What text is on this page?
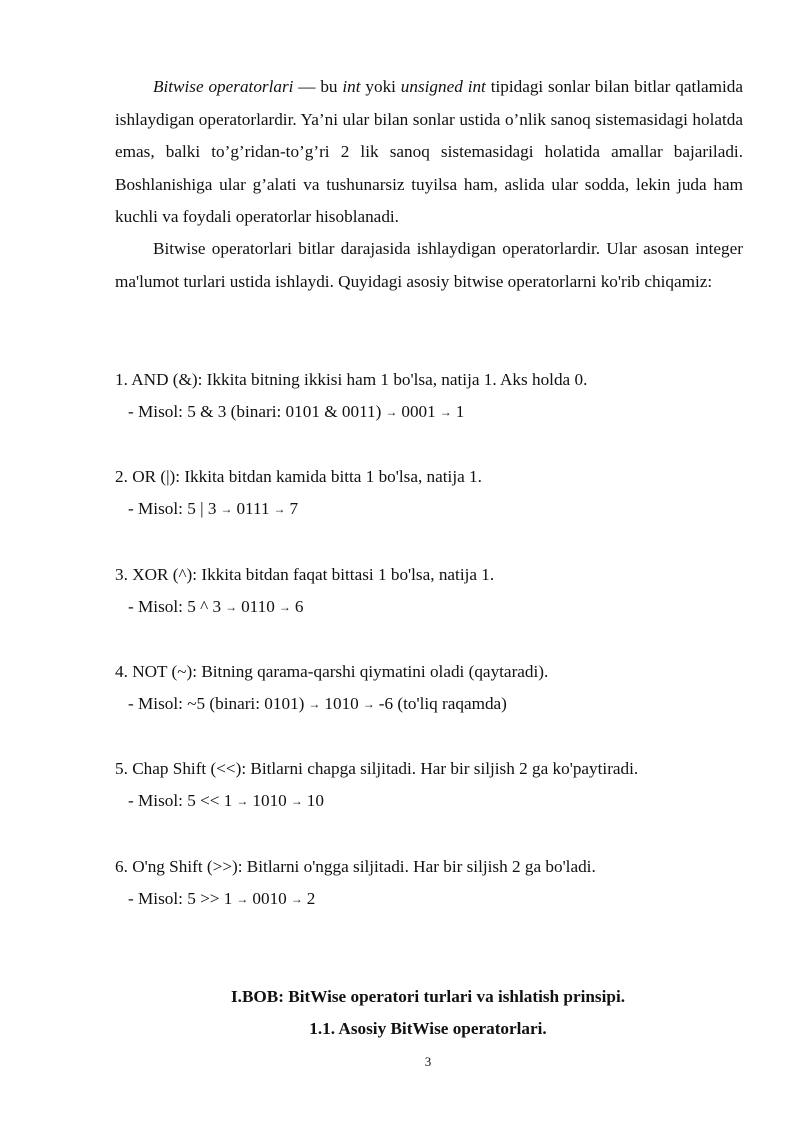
Bitwise operatorlari — bu int yoki unsigned int tipidagi sonlar bilan bitlar qatlamida ishlaydigan operatorlardir. Ya’ni ular bilan sonlar ustida o’nlik sanoq sistemasidagi holatda emas, balki to’g’ridan-to’g’ri 2 lik sanoq sistemasidagi holatida amallar bajariladi. Boshlanishiga ular g’alati va tushunarsiz tuyilsa ham, aslida ular sodda, lekin juda ham kuchli va foydali operatorlar hisoblanadi.

Bitwise operatorlari bitlar darajasida ishlaydigan operatorlardir. Ular asosan integer ma'lumot turlari ustida ishlaydi. Quyidagi asosiy bitwise operatorlarni ko'rib chiqamiz:

1. AND (&): Ikkita bitning ikkisi ham 1 bo'lsa, natija 1. Aks holda 0.

- Misol: 5 & 3 (binari: 0101 & 0011) → 0001 → 1

2. OR (|): Ikkita bitdan kamida bitta 1 bo'lsa, natija 1.

- Misol: 5 | 3 → 0111 → 7

3. XOR (^): Ikkita bitdan faqat bittasi 1 bo'lsa, natija 1.

- Misol: 5 ^ 3 → 0110 → 6

4. NOT (~): Bitning qarama-qarshi qiymatini oladi (qaytaradi).

- Misol: ~5 (binari: 0101) → 1010 → -6 (to'liq raqamda)

5. Chap Shift (<<): Bitlarni chapga siljitadi. Har bir siljish 2 ga ko'paytiradi.

- Misol: 5 << 1 → 1010 → 10

6. O'ng Shift (>>): Bitlarni o'ngga siljitadi. Har bir siljish 2 ga bo'ladi.

- Misol: 5 >> 1 → 0010 → 2

I.BOB: BitWise operatori turlari va ishlatish prinsipi.

1.1. Asosiy BitWise operatorlari.

3
